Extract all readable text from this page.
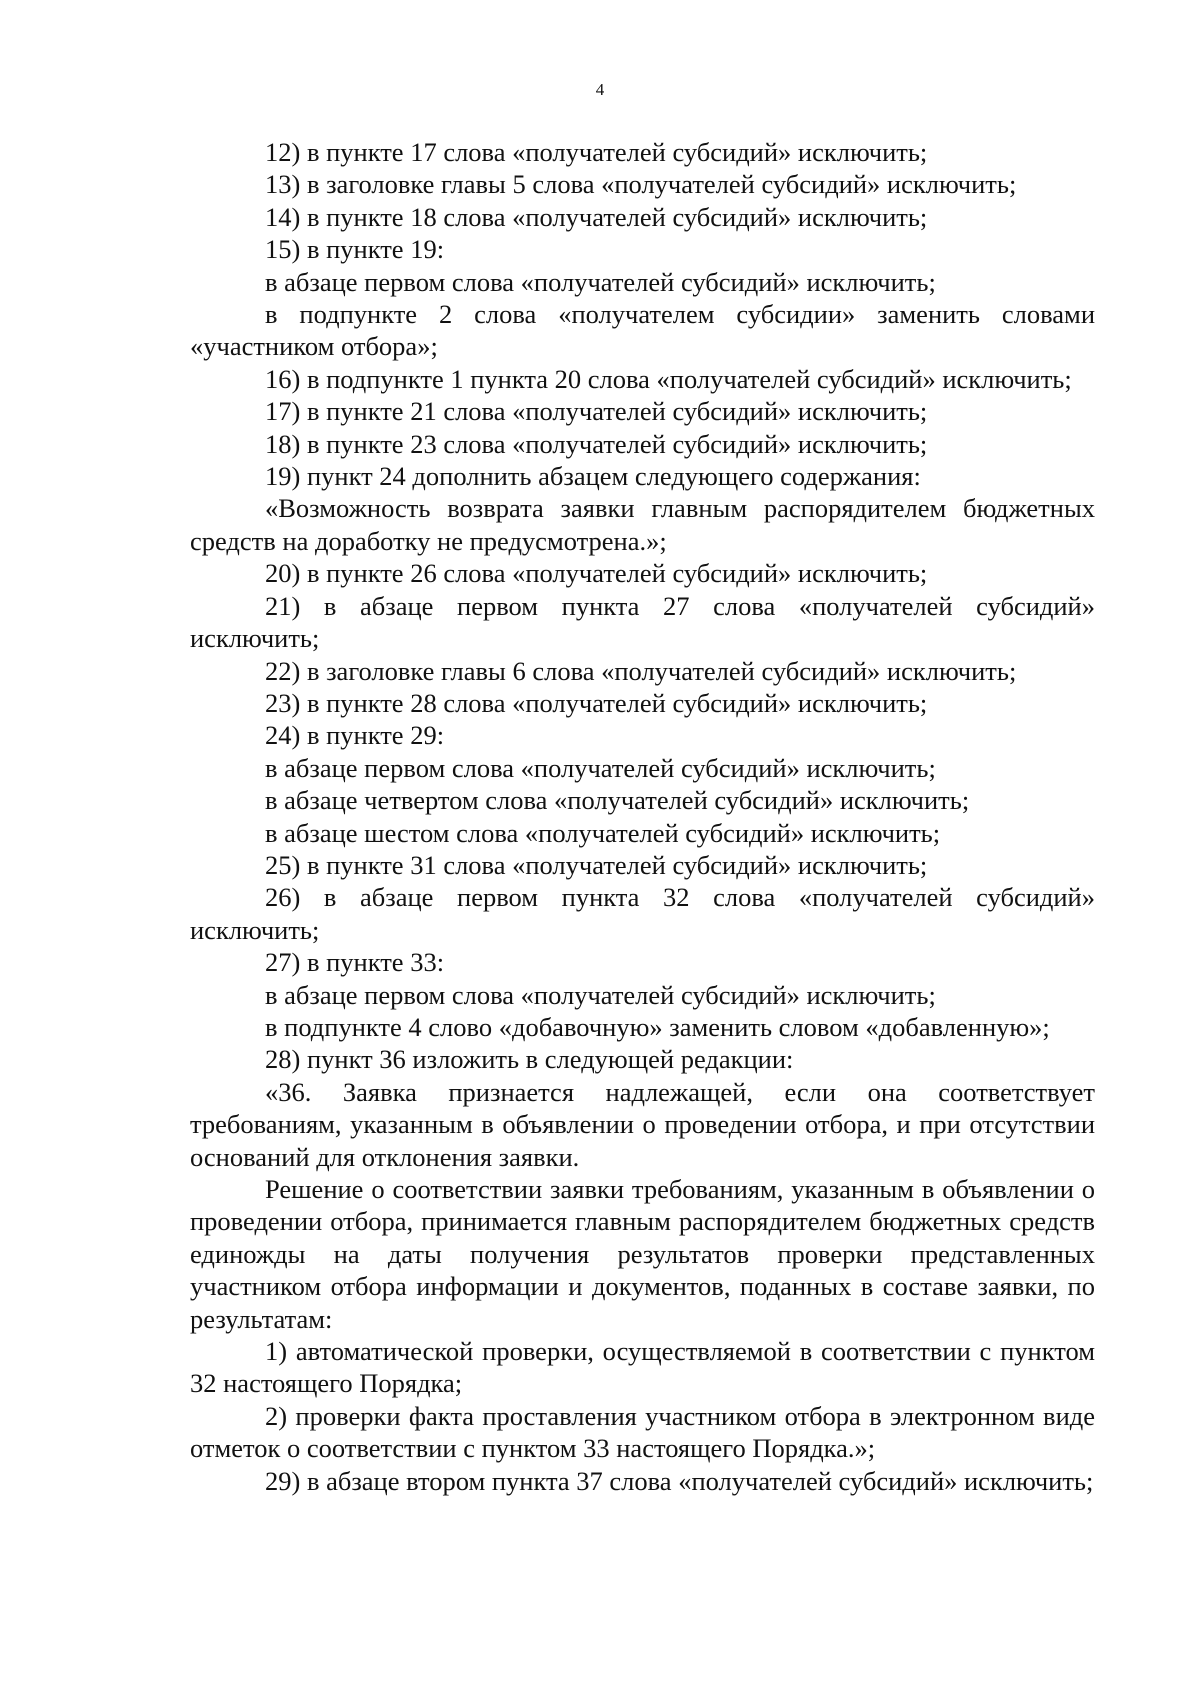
4

12) в пункте 17 слова «получателей субсидий» исключить;

13) в заголовке главы 5 слова «получателей субсидий» исключить;

14) в пункте 18 слова «получателей субсидий» исключить;

15) в пункте 19:

в абзаце первом слова «получателей субсидий» исключить;

в подпункте 2 слова «получателем субсидии» заменить словами «участником отбора»;

16) в подпункте 1 пункта 20 слова «получателей субсидий» исключить;

17) в пункте 21 слова «получателей субсидий» исключить;

18) в пункте 23 слова «получателей субсидий» исключить;

19) пункт 24 дополнить абзацем следующего содержания:

«Возможность возврата заявки главным распорядителем бюджетных средств на доработку не предусмотрена.»;

20) в пункте 26 слова «получателей субсидий» исключить;

21) в абзаце первом пункта 27 слова «получателей субсидий» исключить;

22) в заголовке главы 6 слова «получателей субсидий» исключить;

23) в пункте 28 слова «получателей субсидий» исключить;

24) в пункте 29:

в абзаце первом слова «получателей субсидий» исключить;

в абзаце четвертом слова «получателей субсидий» исключить;

в абзаце шестом слова «получателей субсидий» исключить;

25) в пункте 31 слова «получателей субсидий» исключить;

26) в абзаце первом пункта 32 слова «получателей субсидий» исключить;

27) в пункте 33:

в абзаце первом слова «получателей субсидий» исключить;

в подпункте 4 слово «добавочную» заменить словом «добавленную»;

28) пункт 36 изложить в следующей редакции:

«36. Заявка признается надлежащей, если она соответствует требованиям, указанным в объявлении о проведении отбора, и при отсутствии оснований для отклонения заявки.

Решение о соответствии заявки требованиям, указанным в объявлении о проведении отбора, принимается главным распорядителем бюджетных средств единожды на даты получения результатов проверки представленных участником отбора информации и документов, поданных в составе заявки, по результатам:

1) автоматической проверки, осуществляемой в соответствии с пунктом 32 настоящего Порядка;

2) проверки факта проставления участником отбора в электронном виде отметок о соответствии с пунктом 33 настоящего Порядка.»;

29) в абзаце втором пункта 37 слова «получателей субсидий» исключить;
